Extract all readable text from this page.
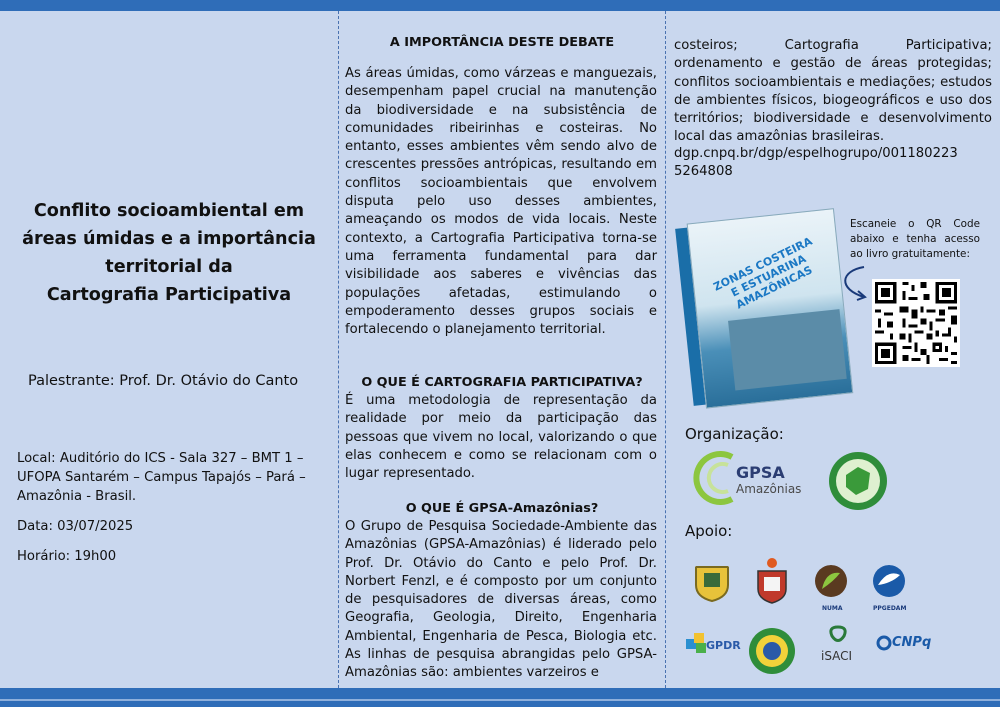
Conflito socioambiental em
áreas úmidas e a importância
territorial da
Cartografia Participativa
Palestrante: Prof. Dr. Otávio do Canto
Local: Auditório do ICS - Sala 327 – BMT 1 – UFOPA Santarém – Campus Tapajós – Pará – Amazônia - Brasil.
Data: 03/07/2025
Horário: 19h00
A IMPORTÂNCIA DESTE DEBATE
As áreas úmidas, como várzeas e manguezais, desempenham papel crucial na manutenção da biodiversidade e na subsistência de comunidades ribeirinhas e costeiras. No entanto, esses ambientes vêm sendo alvo de crescentes pressões antrópicas, resultando em conflitos socioambientais que envolvem disputa pelo uso desses ambientes, ameaçando os modos de vida locais. Neste contexto, a Cartografia Participativa torna-se uma ferramenta fundamental para dar visibilidade aos saberes e vivências das populações afetadas, estimulando o empoderamento desses grupos sociais e fortalecendo o planejamento territorial.
O QUE É CARTOGRAFIA PARTICIPATIVA?
É uma metodologia de representação da realidade por meio da participação das pessoas que vivem no local, valorizando o que elas conhecem e como se relacionam com o lugar representado.
O QUE É GPSA-Amazônias?
O Grupo de Pesquisa Sociedade-Ambiente das Amazônias (GPSA-Amazônias) é liderado pelo Prof. Dr. Otávio do Canto e pelo Prof. Dr. Norbert Fenzl, e é composto por um conjunto de pesquisadores de diversas áreas, como Geografia, Geologia, Direito, Engenharia Ambiental, Engenharia de Pesca, Biologia etc. As linhas de pesquisa abrangidas pelo GPSA-Amazônias são: ambientes varzeiros e
costeiros; Cartografia Participativa; ordenamento e gestão de áreas protegidas; conflitos socioambientais e mediações; estudos de ambientes físicos, biogeográficos e uso dos territórios; biodiversidade e desenvolvimento local das amazônias brasileiras.
dgp.cnpq.br/dgp/espelhogrupo/001180223
5264808
ZONAS COSTEIRA E ESTUARINA AMAZÔNICAS
Escaneie o QR Code abaixo e tenha acesso ao livro gratuitamente:
Organização:
GPSA
Amazônias
Apoio:
NUMA	PPGEDAM
GPDR
iSACI
CNPq
